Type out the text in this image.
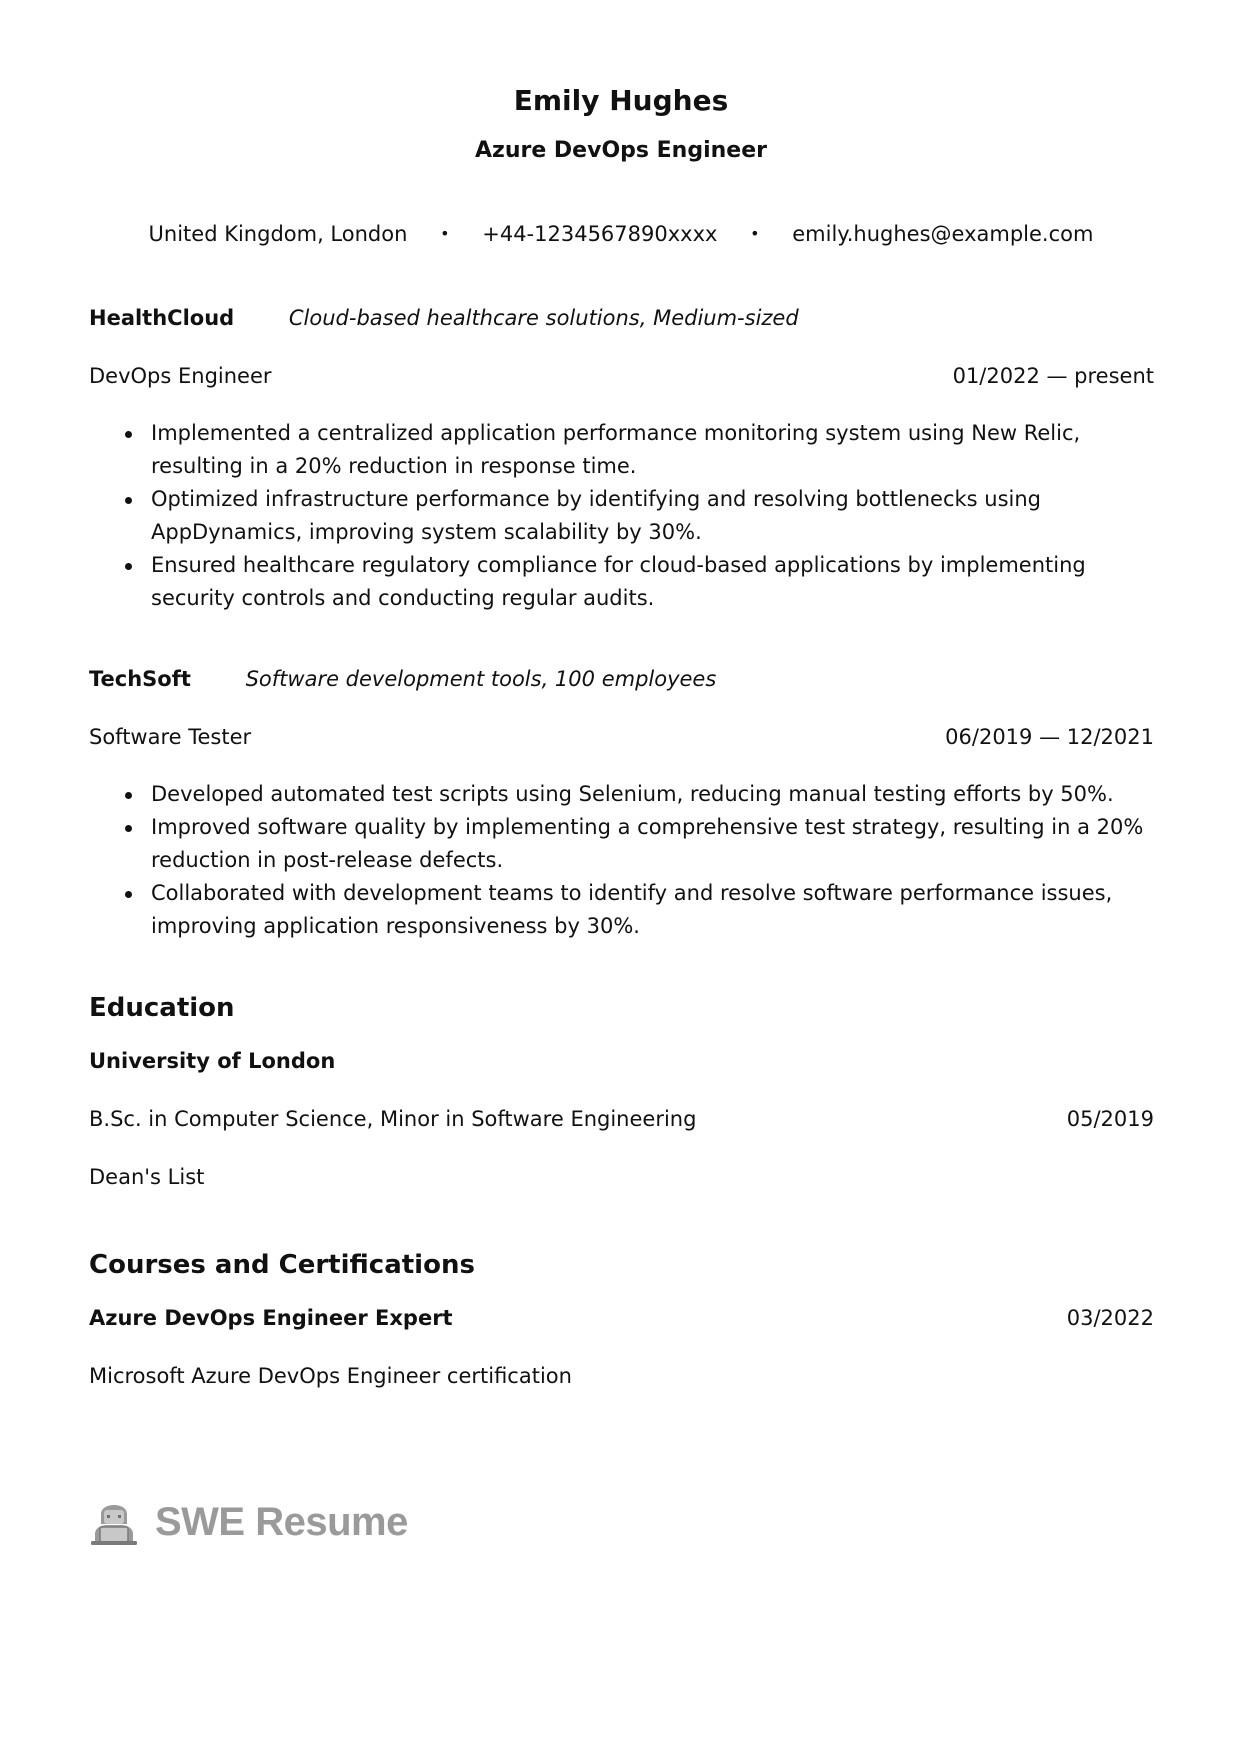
Emily Hughes
Azure DevOps Engineer
United Kingdom, London • +44-1234567890xxxx • emily.hughes@example.com
HealthCloud	Cloud-based healthcare solutions, Medium-sized
DevOps Engineer	01/2022 — present
Implemented a centralized application performance monitoring system using New Relic, resulting in a 20% reduction in response time.
Optimized infrastructure performance by identifying and resolving bottlenecks using AppDynamics, improving system scalability by 30%.
Ensured healthcare regulatory compliance for cloud-based applications by implementing security controls and conducting regular audits.
TechSoft	Software development tools, 100 employees
Software Tester	06/2019 — 12/2021
Developed automated test scripts using Selenium, reducing manual testing efforts by 50%.
Improved software quality by implementing a comprehensive test strategy, resulting in a 20% reduction in post-release defects.
Collaborated with development teams to identify and resolve software performance issues, improving application responsiveness by 30%.
Education
University of London
B.Sc. in Computer Science, Minor in Software Engineering	05/2019
Dean's List
Courses and Certifications
Azure DevOps Engineer Expert	03/2022
Microsoft Azure DevOps Engineer certification
SWE Resume
